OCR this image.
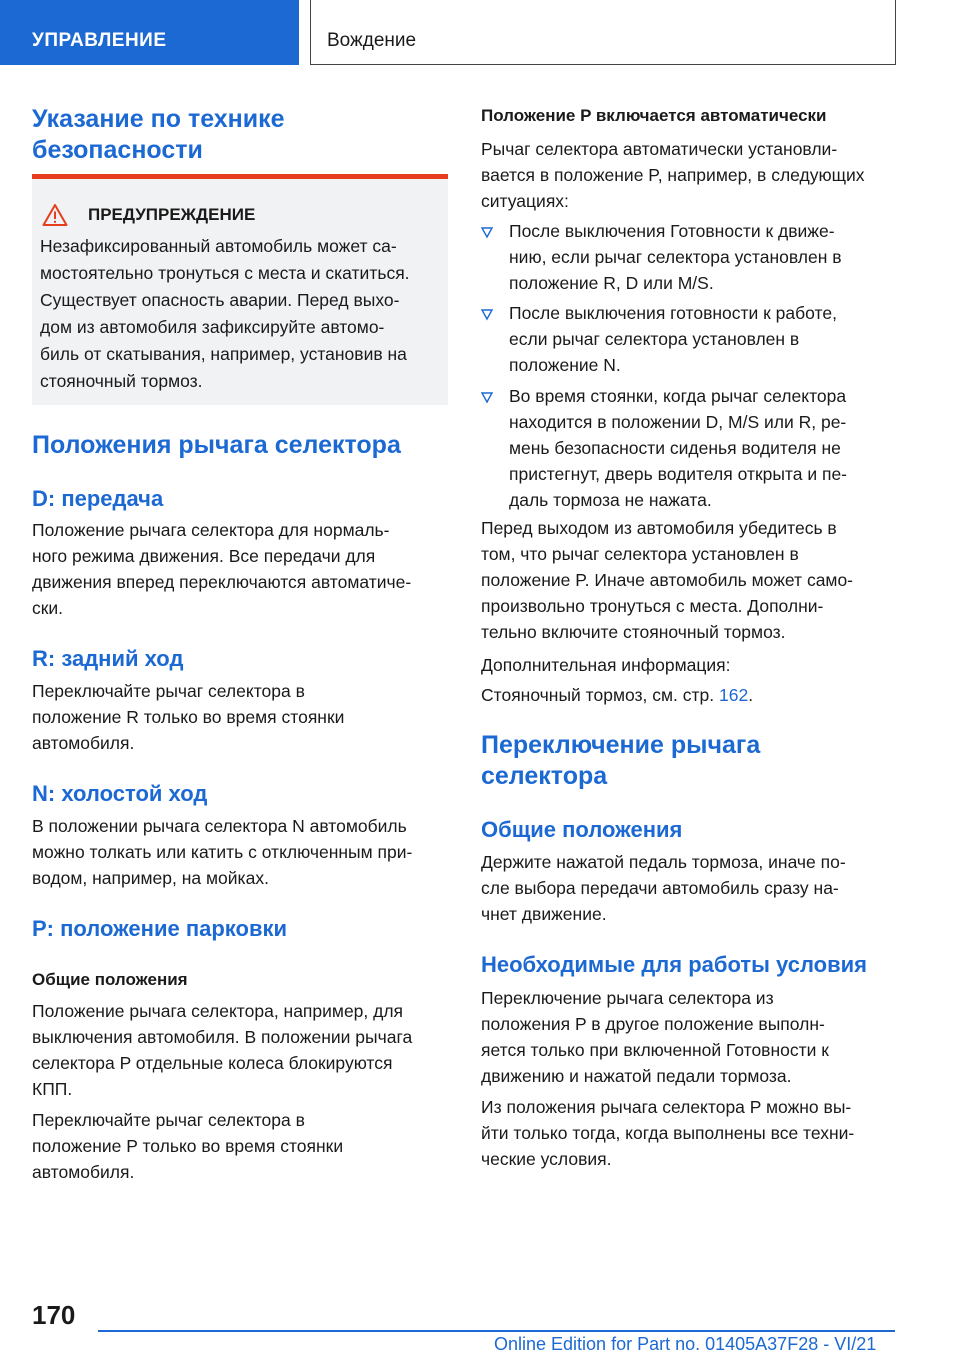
УПРАВЛЕНИЕ	Вождение
Указание по технике
безопасности
ПРЕДУПРЕЖДЕНИЕ

Незафиксированный автомобиль может са-
мостоятельно тронуться с места и скатиться.
Существует опасность аварии. Перед выхо-
дом из автомобиля зафиксируйте автомо-
биль от скатывания, например, установив на
стояночный тормоз.

Положения рычага селектора
D: передача

Положение рычага селектора для нормаль-
ного режима движения. Все передачи для
движения вперед переключаются автоматиче-
ски.

R: задний ход

Переключайте рычаг селектора в
положение R только во время стоянки
автомобиля.

N: холостой ход

В положении рычага селектора N автомобиль
можно толкать или катить с отключенным при-
водом, например, на мойках.

P: положение парковки
Общие положения

Положение рычага селектора, например, для
выключения автомобиля. В положении рычага
селектора P отдельные колеса блокируются
КПП.

Переключайте рычаг селектора в
положение P только во время стоянки
автомобиля.

Положение P включается автоматически

Рычаг селектора автоматически установли-
вается в положение P, например, в следующих
ситуациях:

После выключения Готовности к движе-
нию, если рычаг селектора установлен в
положение R, D или M/S.

После выключения готовности к работе,
если рычаг селектора установлен в
положение N.

Во время стоянки, когда рычаг селектора
находится в положении D, M/S или R, ре-
мень безопасности сиденья водителя не
пристегнут, дверь водителя открыта и пе-
даль тормоза не нажата.

Перед выходом из автомобиля убедитесь в
том, что рычаг селектора установлен в
положение P. Иначе автомобиль может само-
произвольно тронуться с места. Дополни-
тельно включите стояночный тормоз.

Дополнительная информация:

Стояночный тормоз, см. стр. 162.

Переключение рычага
селектора
Общие положения

Держите нажатой педаль тормоза, иначе по-
сле выбора передачи автомобиль сразу на-
чнет движение.

Необходимые для работы условия

Переключение рычага селектора из
положения P в другое положение выполн-
яется только при включенной Готовности к
движению и нажатой педали тормоза.

Из положения рычага селектора P можно вы-
йти только тогда, когда выполнены все техни-
ческие условия.

170
Online Edition for Part no. 01405A37F28 - VI/21
